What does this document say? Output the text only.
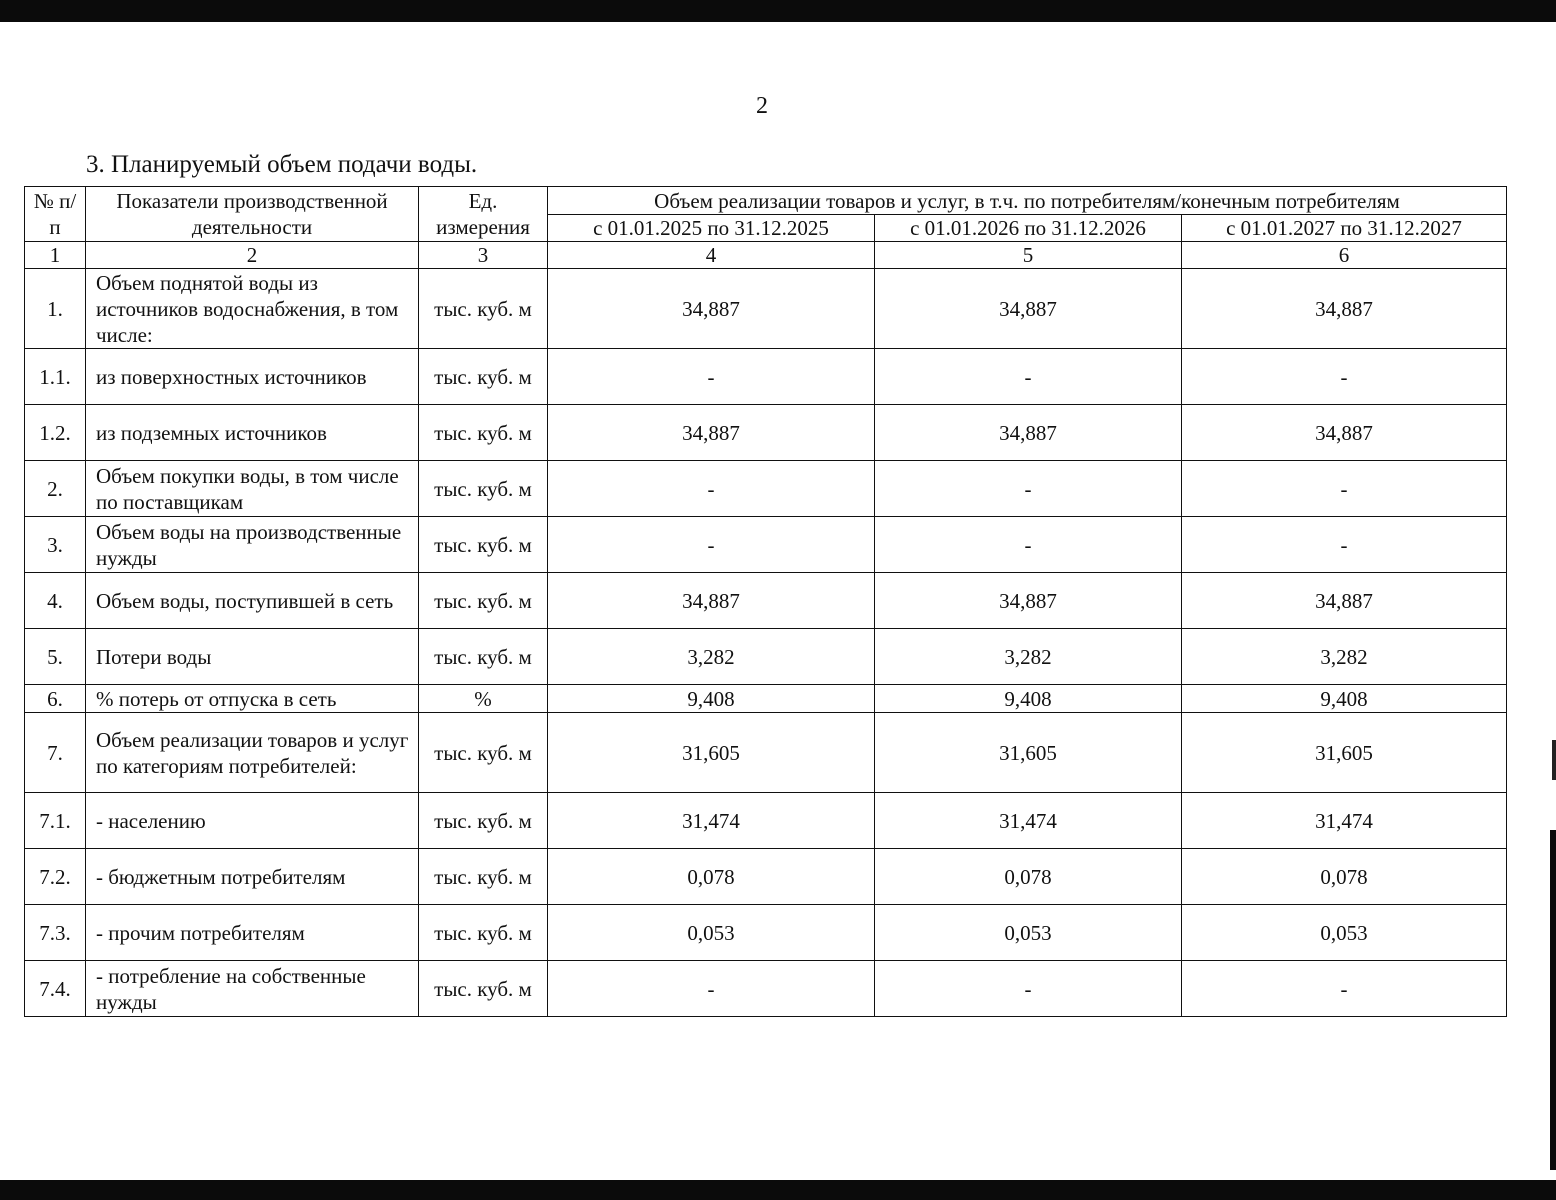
2
3. Планируемый объем подачи воды.
№ п/п	Показатели производственной деятельности	Ед. измерения	Объем реализации товаров и услуг, в т.ч. по потребителям/конечным потребителям		
			с 01.01.2025 по 31.12.2025	с 01.01.2026 по 31.12.2026	с 01.01.2027 по 31.12.2027
1	2	3	4	5	6
1.	Объем поднятой воды из источников водоснабжения, в том числе:	тыс. куб. м	34,887	34,887	34,887
1.1.	из поверхностных источников	тыс. куб. м	-	-	-
1.2.	из подземных источников	тыс. куб. м	34,887	34,887	34,887
2.	Объем покупки воды, в том числе по поставщикам	тыс. куб. м	-	-	-
3.	Объем воды на производственные нужды	тыс. куб. м	-	-	-
4.	Объем воды, поступившей в сеть	тыс. куб. м	34,887	34,887	34,887
5.	Потери воды	тыс. куб. м	3,282	3,282	3,282
6.	% потерь от отпуска в сеть	%	9,408	9,408	9,408
7.	Объем реализации товаров и услуг по категориям потребителей:	тыс. куб. м	31,605	31,605	31,605
7.1.	- населению	тыс. куб. м	31,474	31,474	31,474
7.2.	- бюджетным потребителям	тыс. куб. м	0,078	0,078	0,078
7.3.	- прочим потребителям	тыс. куб. м	0,053	0,053	0,053
7.4.	- потребление на собственные нужды	тыс. куб. м	-	-	-
